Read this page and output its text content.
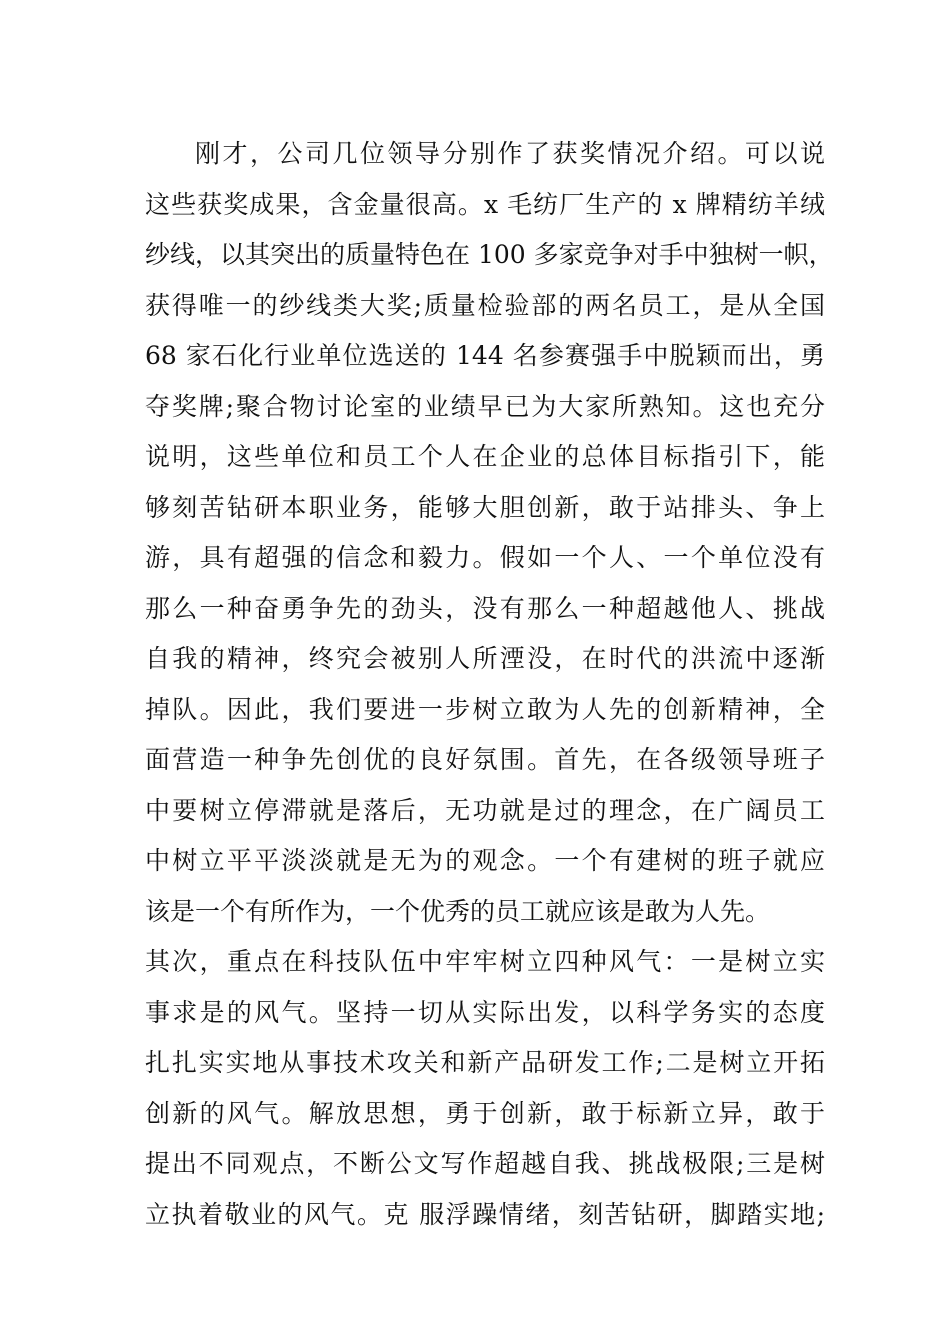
刚才，公司几位领导分别作了获奖情况介绍。可以说
这些获奖成果，含金量很高。x 毛纺厂生产的 x 牌精纺羊绒
纱线，以其突出的质量特色在 100 多家竞争对手中独树一帜，
获得唯一的纱线类大奖;质量检验部的两名员工，是从全国
68 家石化行业单位选送的 144 名参赛强手中脱颖而出，勇
夺奖牌;聚合物讨论室的业绩早已为大家所熟知。这也充分
说明，这些单位和员工个人在企业的总体目标指引下，能
够刻苦钻研本职业务，能够大胆创新，敢于站排头、争上
游，具有超强的信念和毅力。假如一个人、一个单位没有
那么一种奋勇争先的劲头，没有那么一种超越他人、挑战
自我的精神，终究会被别人所湮没，在时代的洪流中逐渐
掉队。因此，我们要进一步树立敢为人先的创新精神，全
面营造一种争先创优的良好氛围。首先，在各级领导班子
中要树立停滞就是落后，无功就是过的理念，在广阔员工
中树立平平淡淡就是无为的观念。一个有建树的班子就应
该是一个有所作为，一个优秀的员工就应该是敢为人先。
其次，重点在科技队伍中牢牢树立四种风气：一是树立实
事求是的风气。坚持一切从实际出发，以科学务实的态度
扎扎实实地从事技术攻关和新产品研发工作;二是树立开拓
创新的风气。解放思想，勇于创新，敢于标新立异，敢于
提出不同观点，不断公文写作超越自我、挑战极限;三是树
立执着敬业的风气。克 服浮躁情绪，刻苦钻研，脚踏实地;
